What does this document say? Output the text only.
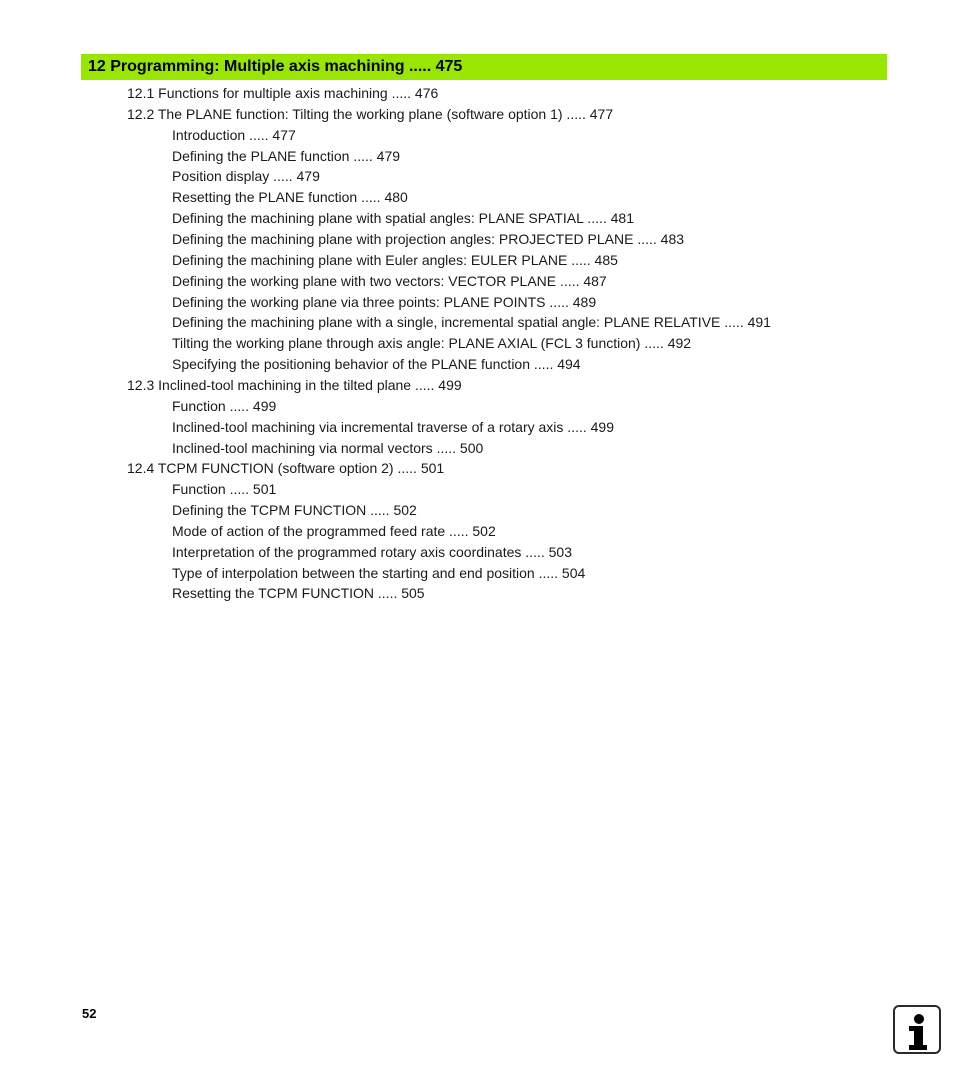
12 Programming: Multiple axis machining ..... 475
12.1 Functions for multiple axis machining ..... 476
12.2 The PLANE function: Tilting the working plane (software option 1) ..... 477
Introduction ..... 477
Defining the PLANE function ..... 479
Position display ..... 479
Resetting the PLANE function ..... 480
Defining the machining plane with spatial angles: PLANE SPATIAL ..... 481
Defining the machining plane with projection angles: PROJECTED PLANE ..... 483
Defining the machining plane with Euler angles: EULER PLANE ..... 485
Defining the working plane with two vectors: VECTOR PLANE ..... 487
Defining the working plane via three points: PLANE POINTS ..... 489
Defining the machining plane with a single, incremental spatial angle: PLANE RELATIVE ..... 491
Tilting the working plane through axis angle: PLANE AXIAL (FCL 3 function) ..... 492
Specifying the positioning behavior of the PLANE function ..... 494
12.3 Inclined-tool machining in the tilted plane ..... 499
Function ..... 499
Inclined-tool machining via incremental traverse of a rotary axis ..... 499
Inclined-tool machining via normal vectors ..... 500
12.4 TCPM FUNCTION (software option 2) ..... 501
Function ..... 501
Defining the TCPM FUNCTION ..... 502
Mode of action of the programmed feed rate ..... 502
Interpretation of the programmed rotary axis coordinates ..... 503
Type of interpolation between the starting and end position ..... 504
Resetting the TCPM FUNCTION ..... 505
52
